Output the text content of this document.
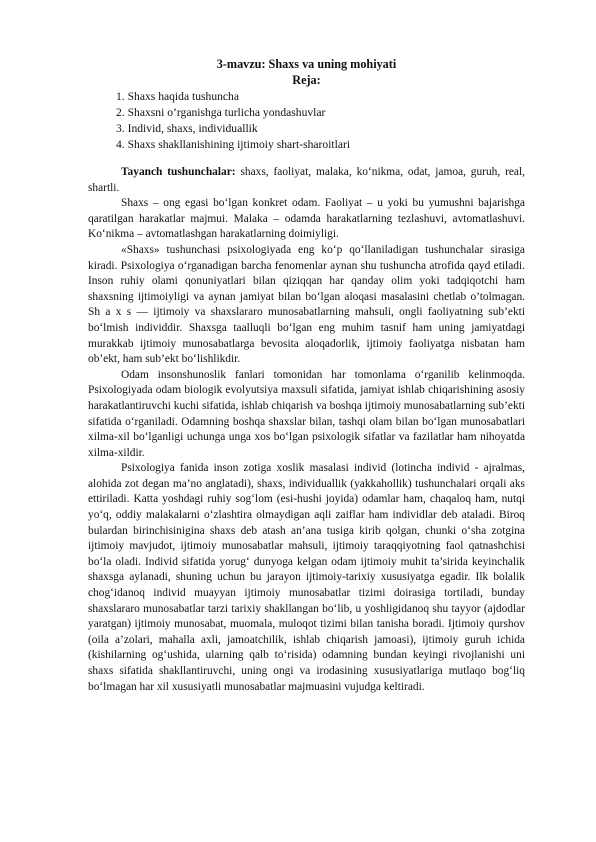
3-mavzu: Shaxs va uning mohiyati
Reja:
1. Shaxs haqida tushuncha
2. Shaxsni o’rganishga turlicha yondashuvlar
3. Individ, shaxs, individuallik
4. Shaxs shakllanishining ijtimoiy shart-sharoitlari

Tayanch tushunchalar: shaxs, faoliyat, malaka, ko‘nikma, odat, jamoa, guruh, real, shartli.

Shaxs – ong egasi bo‘lgan konkret odam. Faoliyat – u yoki bu yumushni bajarishga qaratilgan harakatlar majmui. Malaka – odamda harakatlarning tezlashuvi, avtomatlashuvi. Ko‘nikma – avtomatlashgan harakatlarning doimiyligi.

«Shaxs» tushunchasi psixologiyada eng ko‘p qo‘llaniladigan tushunchalar sirasiga kiradi. Psixologiya o‘rganadigan barcha fenomenlar aynan shu tushuncha atrofida qayd etiladi. Inson ruhiy olami qonuniyatlari bilan qiziqqan har qanday olim yoki tadqiqotchi ham shaxsning ijtimoiyligi va aynan jamiyat bilan bo‘lgan aloqasi masalasini chetlab o’tolmagan. Sh a x s — ijtimoiy va shaxslararo munosabatlarning mahsuli, ongli faoliyatning sub’ekti bo‘lmish individdir. Shaxsga taalluqli bo‘lgan eng muhim tasnif ham uning jamiyatdagi murakkab ijtimoiy munosabatlarga bevosita aloqadorlik, ijtimoiy faoliyatga nisbatan ham ob’ekt, ham sub’ekt bo‘lishlikdir.

Odam insonshunoslik fanlari tomonidan har tomonlama o‘rganilib kelinmoqda. Psixologiyada odam biologik evolyutsiya maxsuli sifatida, jamiyat ishlab chiqarishining asosiy harakatlantiruvchi kuchi sifatida, ishlab chiqarish va boshqa ijtimoiy munosabatlarning sub’ekti sifatida o‘rganiladi. Odamning boshqa shaxslar bilan, tashqi olam bilan bo‘lgan munosabatlari xilma-xil bo‘lganligi uchunga unga xos bo‘lgan psixologik sifatlar va fazilatlar ham nihoyatda xilma-xildir.

Psixologiya fanida inson zotiga xoslik masalasi individ (lotincha individ - ajralmas, alohida zot degan ma’no anglatadi), shaxs, individuallik (yakkahollik) tushunchalari orqali aks ettiriladi. Katta yoshdagi ruhiy sog‘lom (esi-hushi joyida) odamlar ham, chaqaloq ham, nutqi yo‘q, oddiy malakalarni o‘zlashtira olmaydigan aqli zaiflar ham individlar deb ataladi. Biroq bulardan birinchisinigina shaxs deb atash an’ana tusiga kirib qolgan, chunki o‘sha zotgina ijtimoiy mavjudot, ijtimoiy munosabatlar mahsuli, ijtimoiy taraqqiyotning faol qatnashchisi bo‘la oladi. Individ sifatida yorug‘ dunyoga kelgan odam ijtimoiy muhit ta’sirida keyinchalik shaxsga aylanadi, shuning uchun bu jarayon ijtimoiy-tarixiy xususiyatga egadir. Ilk bolalik chog‘idanoq individ muayyan ijtimoiy munosabatlar tizimi doirasiga tortiladi, bunday shaxslararo munosabatlar tarzi tarixiy shakllangan bo‘lib, u yoshligidanoq shu tayyor (ajdodlar yaratgan) ijtimoiy munosabat, muomala, muloqot tizimi bilan tanisha boradi. Ijtimoiy qurshov (oila a’zolari, mahalla axli, jamoatchilik, ishlab chiqarish jamoasi), ijtimoiy guruh ichida (kishilarning og‘ushida, ularning qalb to‘risida) odamning bundan keyingi rivojlanishi uni shaxs sifatida shakllantiruvchi, uning ongi va irodasining xususiyatlariga mutlaqo bog‘liq bo‘lmagan har xil xususiyatli munosabatlar majmuasini vujudga keltiradi.
